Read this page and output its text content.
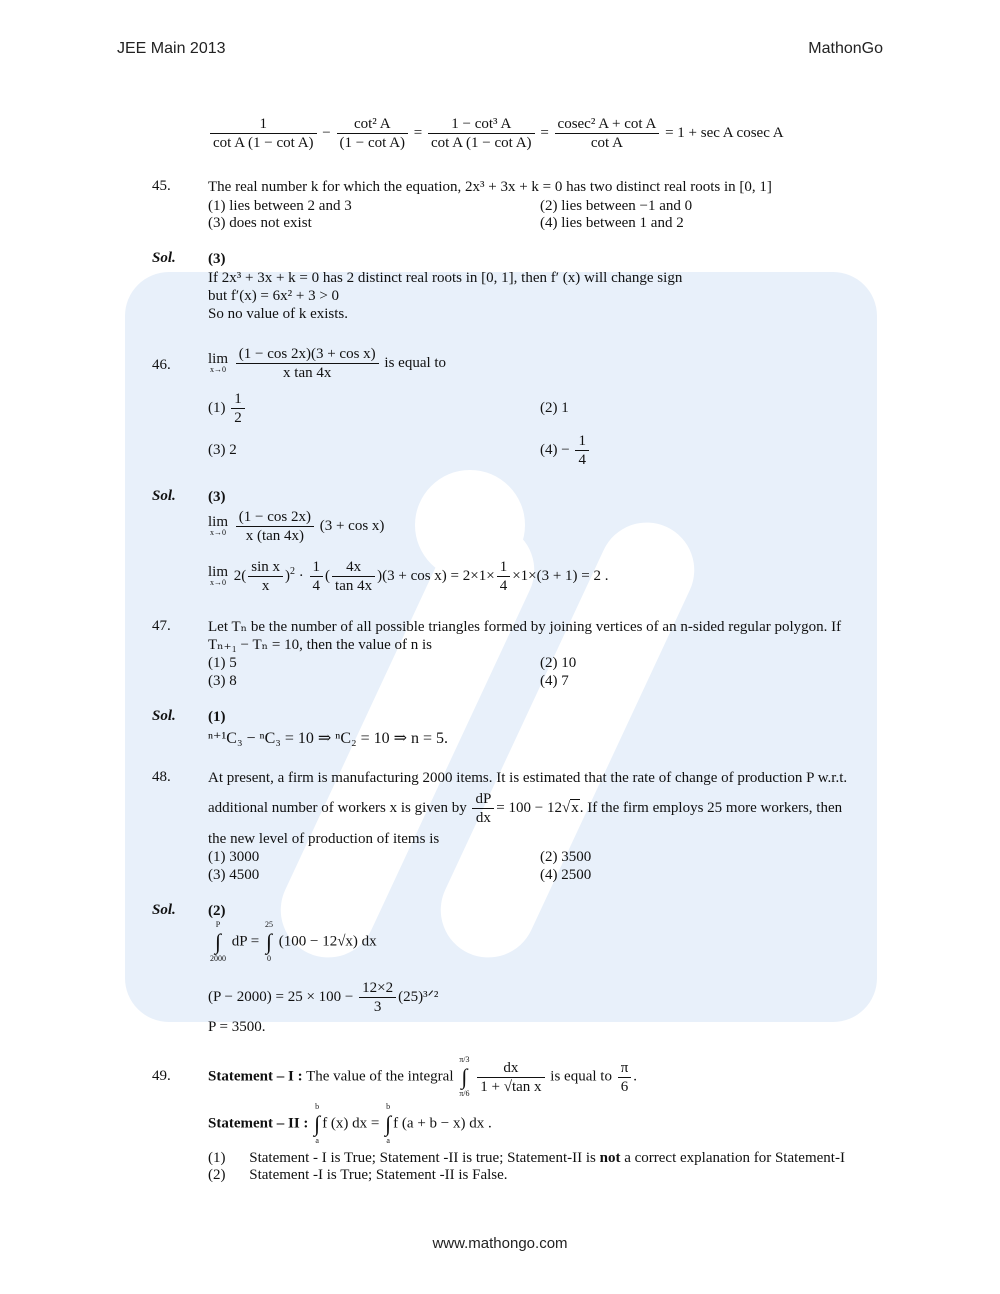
JEE Main 2013	MathonGo
www.mathongo.com
$\frac{1}{\text{cot A (1 − cot A)}} - \frac{\text{cot² A}}{\text{(1 − cot A)}} = \frac{\text{1 − cot³ A}}{\text{cot A (1 − cot A)}} = \frac{\text{cosec² A + cot A}}{\text{cot A}} = 1 + \sec A$ cosec A
45. The real number k for which the equation, 2x³ + 3x + k = 0 has two distinct real roots in [0, 1]
(1) lies between 2 and 3	(2) lies between −1 and 0
(3) does not exist	(4) lies between 1 and 2
Sol. (3)
If 2x³ + 3x + k = 0 has 2 distinct real roots in [0, 1], then f′ (x) will change sign
but f′(x) = 6x² + 3 > 0
So no value of k exists.
46. lim
x→0
$\frac{\text{(1 − cos 2x)(3 + cos x)}}{\text{x tan 4x}}$ is equal to
$(1) \frac{1}{2}$	(2) 1
(3) 2	$(4) - \frac{1}{4}$
Sol. (3)
lim
x→0
$\frac{(1 - \cos 2x)}{x (\tan 4x)} (3 + \cos x)$
lim
x→0 $2( \frac{\text{sin x}}{x} )^2 \cdot \frac{1}{4}$ ( $\frac{4x}{\tan 4x} )(3 + \cos x) = 2\times 1\times \frac{1}{4} \times 1\times(3 + 1) = 2$ .
47. Let Tₙ be the number of all possible triangles formed by joining vertices of an n-sided regular polygon. If
Tₙ₊₁ − Tₙ = 10, then the value of n is
(1) 5	(2) 10
(3) 8	(4) 7
Sol. (1)
ⁿ⁺¹C₃ − ⁿC₃ = 10 ⇒ ⁿC₂ = 10 ⇒ n = 5.
48. At present, a firm is manufacturing 2000 items. It is estimated that the rate of change of production P w.r.t.
additional number of workers x is given by $\frac{dP}{dx} = 100 - 12√x$. If the firm employs 25 more workers, then
the new level of production of items is
(1) 3000	(2) 3500
(3) 4500	(4) 2500
Sol. (2)
P
∫
2000
dP =
25
∫
0
(100 − 12√x) dx
$(P - 2000) = 25 \times 100 - \frac{12\times 2}{3}$ (25)³ᐟ²
P = 3500.
49. Statement – I : The value of the integral
π/3
∫
π/6
$\frac{dx}{\text{1 + √tan x}}$ is equal to $\frac{\pi}{6}$ .
Statement – II :
b
∫
a
f (x) dx =
b
∫
a
f (a + b − x) dx .
(1) Statement - I is True; Statement -II is true; Statement-II is not a correct explanation for Statement-I
(2) Statement -I is True; Statement -II is False.
